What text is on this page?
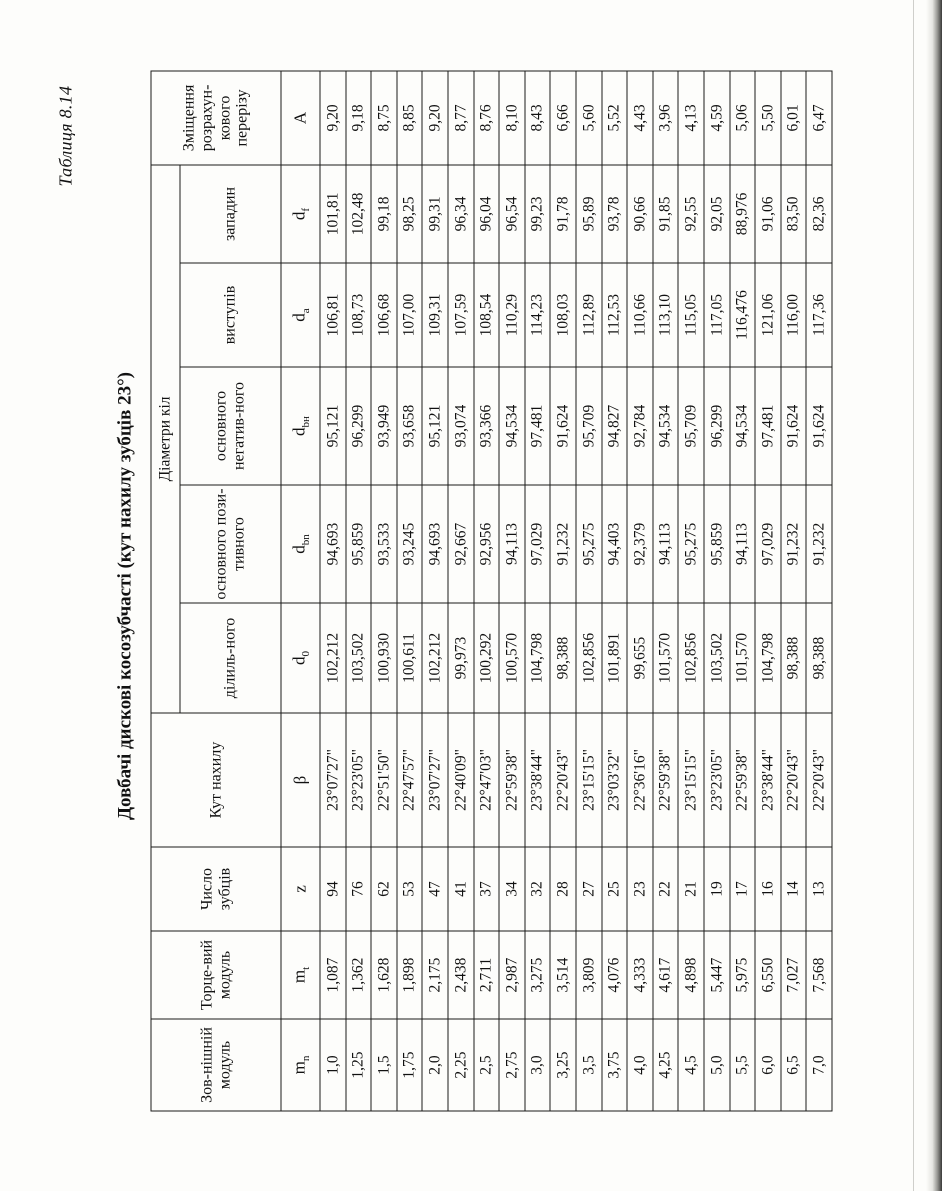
Таблиця 8.14
Довбачі дискові косозубчасті (кут нахилу зубців 23°)
Зов-нішній модуль	Торце-вий модуль	Число зубців	Кут нахилу	Діаметри кіл					Зміщення розрахун-кового перерізу
				ділиль-ного	основного пози-тивного	основного негатив-ного	виступів	западин	
$m_n$	$m_t$	z	β	$d_0$	$d_{bn}$	$d_{bн}$	$d_a$	$d_f$	A
1,0	1,087	94	23°07'27"	102,212	94,693	95,121	106,81	101,81	9,20
1,25	1,362	76	23°23'05"	103,502	95,859	96,299	108,73	102,48	9,18
1,5	1,628	62	22°51'50"	100,930	93,533	93,949	106,68	99,18	8,75
1,75	1,898	53	22°47'57"	100,611	93,245	93,658	107,00	98,25	8,85
2,0	2,175	47	23°07'27"	102,212	94,693	95,121	109,31	99,31	9,20
2,25	2,438	41	22°40'09"	99,973	92,667	93,074	107,59	96,34	8,77
2,5	2,711	37	22°47'03"	100,292	92,956	93,366	108,54	96,04	8,76
2,75	2,987	34	22°59'38"	100,570	94,113	94,534	110,29	96,54	8,10
3,0	3,275	32	23°38'44"	104,798	97,029	97,481	114,23	99,23	8,43
3,25	3,514	28	22°20'43"	98,388	91,232	91,624	108,03	91,78	6,66
3,5	3,809	27	23°15'15"	102,856	95,275	95,709	112,89	95,89	5,60
3,75	4,076	25	23°03'32"	101,891	94,403	94,827	112,53	93,78	5,52
4,0	4,333	23	22°36'16"	99,655	92,379	92,784	110,66	90,66	4,43
4,25	4,617	22	22°59'38"	101,570	94,113	94,534	113,10	91,85	3,96
4,5	4,898	21	23°15'15"	102,856	95,275	95,709	115,05	92,55	4,13
5,0	5,447	19	23°23'05"	103,502	95,859	96,299	117,05	92,05	4,59
5,5	5,975	17	22°59'38"	101,570	94,113	94,534	116,476	88,976	5,06
6,0	6,550	16	23°38'44"	104,798	97,029	97,481	121,06	91,06	5,50
6,5	7,027	14	22°20'43"	98,388	91,232	91,624	116,00	83,50	6,01
7,0	7,568	13	22°20'43"	98,388	91,232	91,624	117,36	82,36	6,47
